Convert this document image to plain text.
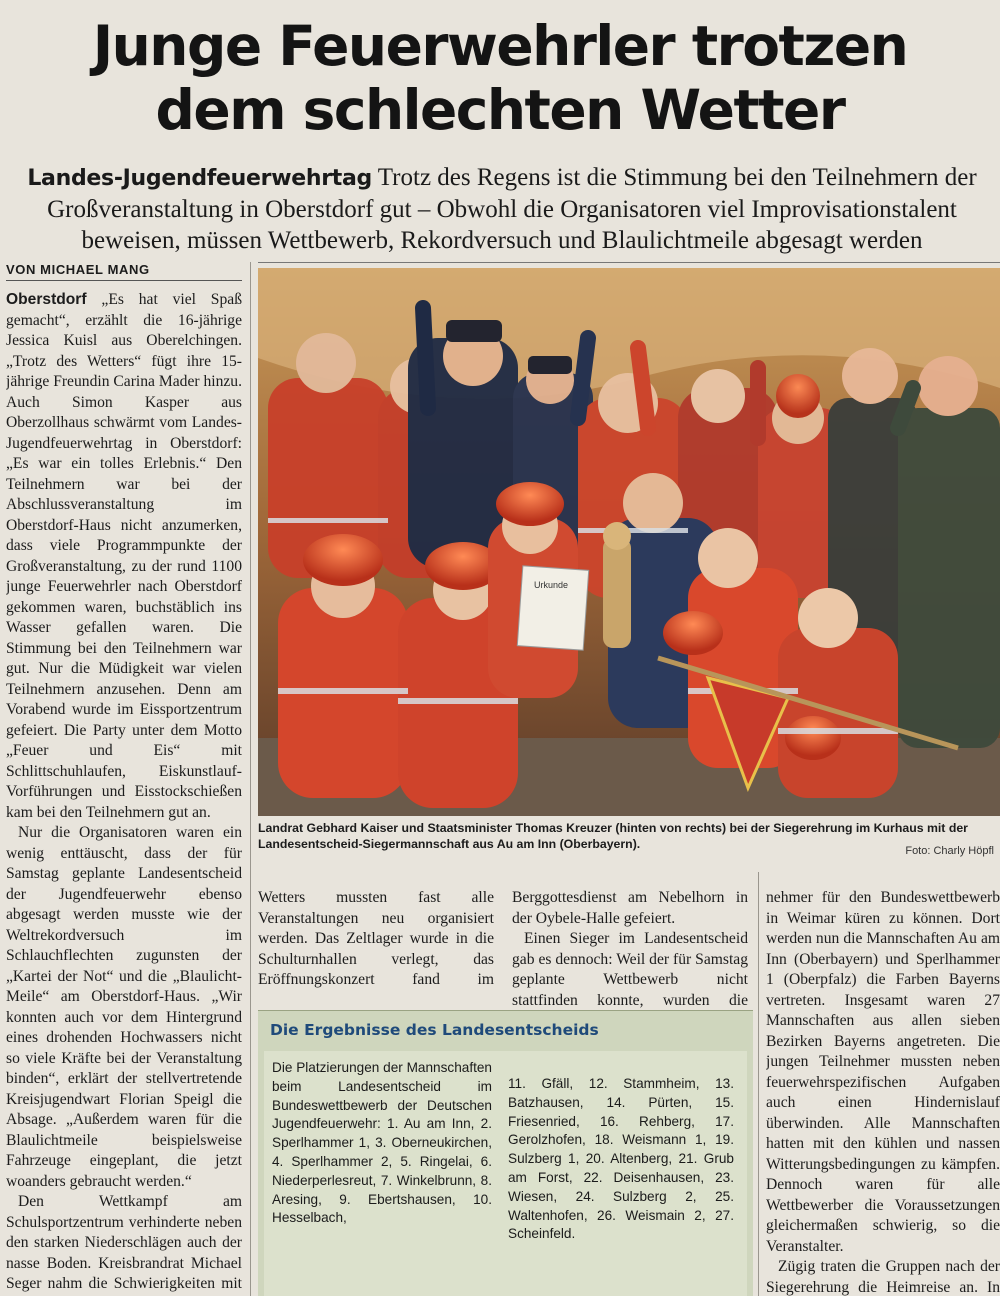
Junge Feuerwehrler trotzen
dem schlechten Wetter
Landes-Jugendfeuerwehrtag Trotz des Regens ist die Stimmung bei den Teilnehmern der
Großveranstaltung in Oberstdorf gut – Obwohl die Organisatoren viel Improvisationstalent
beweisen, müssen Wettbewerb, Rekordversuch und Blaulichtmeile abgesagt werden
VON MICHAEL MANG

Oberstdorf „Es hat viel Spaß gemacht“, erzählt die 16-jährige Jessica Kuisl aus Oberelchingen. „Trotz des Wetters“ fügt ihre 15-jährige Freundin Carina Mader hinzu. Auch Simon Kasper aus Oberzollhaus schwärmt vom Landes-Jugendfeuerwehrtag in Oberstdorf: „Es war ein tolles Erlebnis.“ Den Teilnehmern war bei der Abschlussveranstaltung im Oberstdorf-Haus nicht anzumerken, dass viele Programmpunkte der Großveranstaltung, zu der rund 1100 junge Feuerwehrler nach Oberstdorf gekommen waren, buchstäblich ins Wasser gefallen waren. Die Stimmung bei den Teilnehmern war gut. Nur die Müdigkeit war vielen Teilnehmern anzusehen. Denn am Vorabend wurde im Eissportzentrum gefeiert. Die Party unter dem Motto „Feuer und Eis“ mit Schlittschuhlaufen, Eiskunstlauf-Vorführungen und Eisstockschießen kam bei den Teilnehmern gut an.

Nur die Organisatoren waren ein wenig enttäuscht, dass der für Samstag geplante Landesentscheid der Jugendfeuerwehr ebenso abgesagt werden musste wie der Weltrekordversuch im Schlauchflechten zugunsten der „Kartei der Not“ und die „Blaulicht-Meile“ am Oberstdorf-Haus. „Wir konnten auch vor dem Hintergrund eines drohenden Hochwassers nicht so viele Kräfte bei der Veranstaltung binden“, erklärt der stellvertretende Kreisjugendwart Florian Speigl die Absage. „Außerdem waren für die Blaulichtmeile beispielsweise Fahrzeuge eingeplant, die jetzt woanders gebraucht werden.“

Den Wettkampf am Schulsportzentrum verhinderte neben den starken Niederschlägen auch der nasse Boden. Kreisbrandrat Michael Seger nahm die Schwierigkeiten mit

Urkunde
Landrat Gebhard Kaiser und Staatsminister Thomas Kreuzer (hinten von rechts) bei der Siegerehrung im Kurhaus mit der Landesentscheid-Siegermannschaft aus Au am Inn (Oberbayern).	Foto: Charly Höpfl

Wetters mussten fast alle Veranstaltungen neu organisiert werden. Das Zeltlager wurde in die Schulturnhallen verlegt, das Eröffnungskonzert fand im

Berggottesdienst am Nebelhorn in der Oybele-Halle gefeiert.

Einen Sieger im Landesentscheid gab es dennoch: Weil der für Samstag geplante Wettbewerb nicht stattfinden konnte, wurden die

nehmer für den Bundeswettbewerb in Weimar küren zu können. Dort werden nun die Mannschaften Au am Inn (Oberbayern) und Sperlhammer 1 (Oberpfalz) die Farben Bayerns vertreten. Insgesamt waren 27 Mannschaften aus allen sieben Bezirken Bayerns angetreten. Die jungen Teilnehmer mussten neben feuerwehrspezifischen Aufgaben auch einen Hindernislauf überwinden. Alle Mannschaften hatten mit den kühlen und nassen Witterungsbedingungen zu kämpfen. Dennoch waren für alle Wettbewerber die Voraussetzungen gleichermaßen schwierig, so die Veranstalter.

Zügig traten die Gruppen nach der Siegerehrung die Heimreise an. In

Die Ergebnisse des Landesentscheids
Die Platzierungen der Mannschaften beim Landesentscheid im Bundeswettbewerb der Deutschen Jugendfeuerwehr: 1. Au am Inn, 2. Sperlhammer 1, 3. Oberneukirchen, 4. Sperlhammer 2, 5. Ringelai, 6. Niederperlesreut, 7. Winkelbrunn, 8. Aresing, 9. Ebertshausen, 10. Hesselbach,
11. Gfäll, 12. Stammheim, 13. Batzhausen, 14. Pürten, 15. Friesenried, 16. Rehberg, 17. Gerolzhofen, 18. Weismann 1, 19. Sulzberg 1, 20. Altenberg, 21. Grub am Forst, 22. Deisenhausen, 23. Wiesen, 24. Sulzberg 2, 25. Waltenhofen, 26. Weismain 2, 27. Scheinfeld.
